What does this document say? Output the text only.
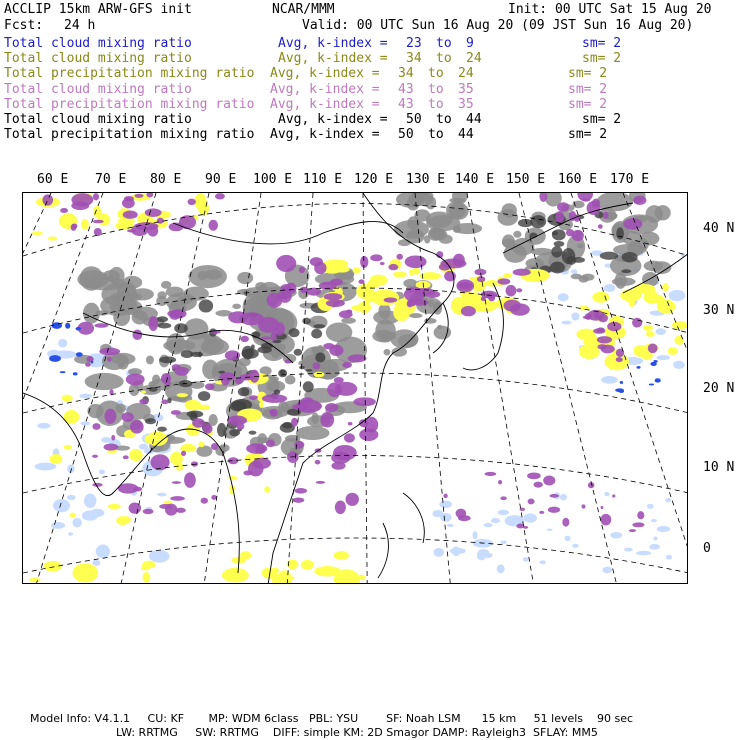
ACCLIP 15km ARW-GFS init	NCAR/MMM	Init: 00 UTC Sat 15 Aug 20
Fcst: 24 h	Valid: 00 UTC Sun 16 Aug 20 (09 JST Sun 16 Aug 20)
Total cloud mixing ratio	Avg, k-index = 23 to 9	sm= 2
Total cloud mixing ratio	Avg, k-index = 34 to 24	sm= 2
Total precipitation mixing ratio Avg, k-index = 34 to 24	sm= 2
Total cloud mixing ratio	Avg, k-index = 43 to 35	sm= 2
Total precipitation mixing ratio Avg, k-index = 43 to 35	sm= 2
Total cloud mixing ratio	Avg, k-index = 50 to 44	sm= 2
Total precipitation mixing ratio Avg, k-index = 50 to 44	sm= 2
60 E 70 E 80 E 90 E 100 E 110 E 120 E 130 E 140 E 150 E 160 E 170 E
40 N
30 N
20 N
10 N
0
Model Info: V4.1.1     CU: KF       MP: WDM 6class   PBL: YSU        SF: Noah LSM      15 km     51 levels    90 sec
LW: RRTMG     SW: RRTMG    DIFF: simple KM: 2D Smagor DAMP: Rayleigh3  SFLAY: MM5
